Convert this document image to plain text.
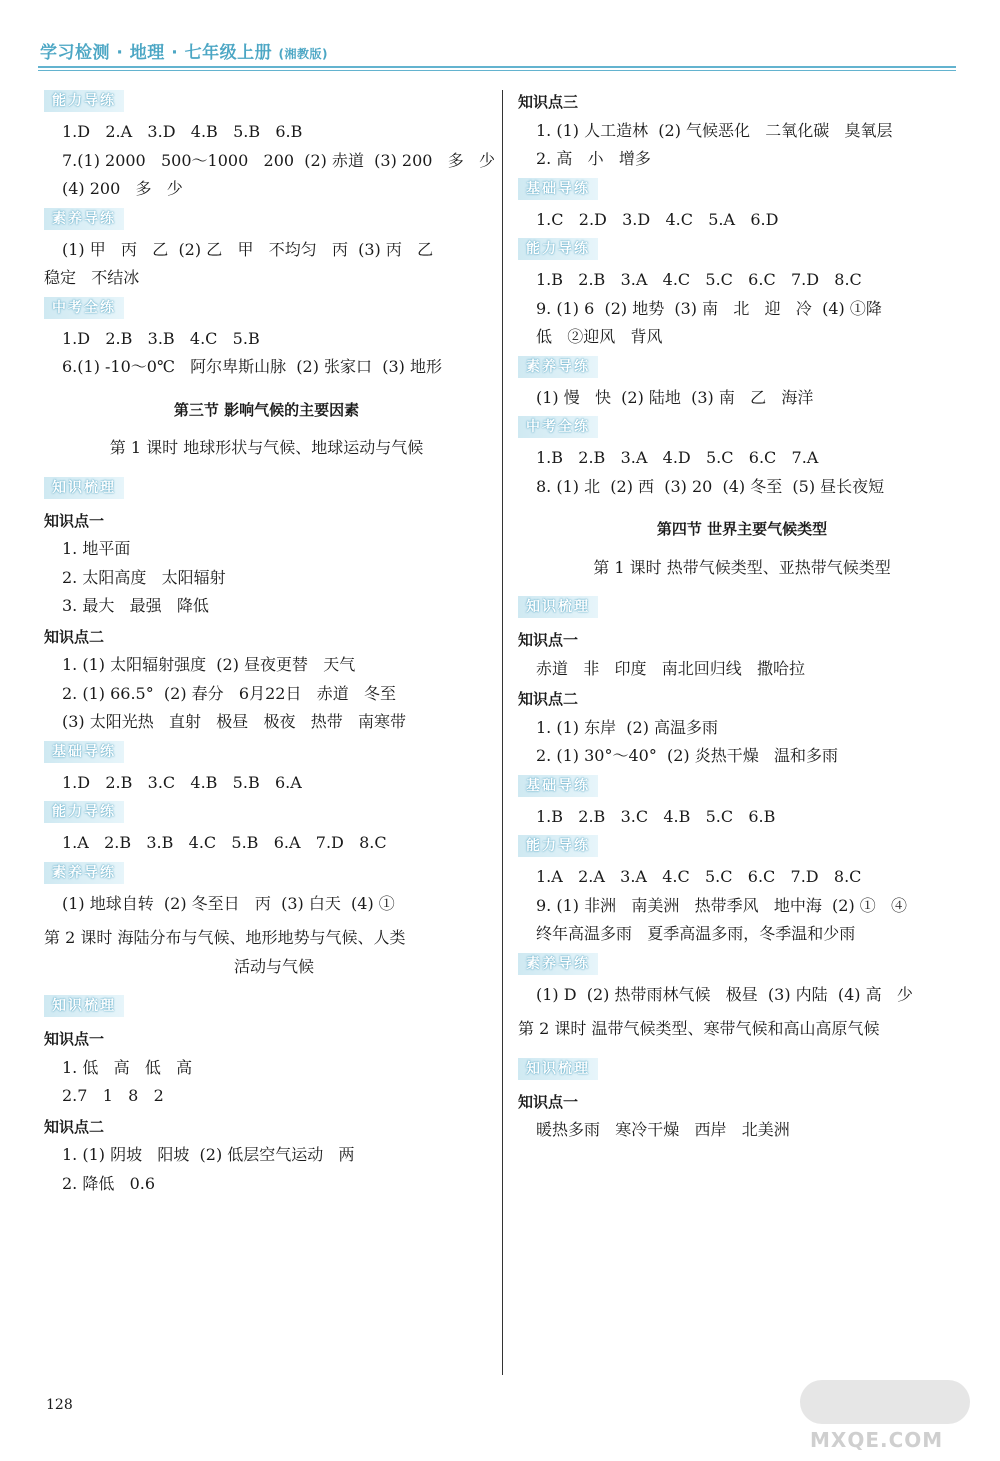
学习检测 · 地理 · 七年级上册 (湘教版)
能力导练
1.D   2.A   3.D   4.B   5.B   6.B
7.(1) 2000   500～1000   200  (2) 赤道  (3) 200   多   少
(4) 200   多   少
素养导练
(1) 甲   丙   乙  (2) 乙   甲   不均匀   丙  (3) 丙   乙
稳定   不结冰
中考全练
1.D   2.B   3.B   4.C   5.B
6.(1) -10～0℃   阿尔卑斯山脉  (2) 张家口  (3) 地形
第三节 影响气候的主要因素
第 1 课时 地球形状与气候、地球运动与气候
知识梳理
知识点一
1. 地平面
2. 太阳高度   太阳辐射
3. 最大   最强   降低
知识点二
1. (1) 太阳辐射强度  (2) 昼夜更替   天气
2. (1) 66.5°  (2) 春分   6月22日   赤道   冬至
(3) 太阳光热   直射   极昼   极夜   热带   南寒带
基础导练
1.D   2.B   3.C   4.B   5.B   6.A
能力导练
1.A   2.B   3.B   4.C   5.B   6.A   7.D   8.C
素养导练
(1) 地球自转  (2) 冬至日   丙  (3) 白天  (4) ①
第 2 课时 海陆分布与气候、地形地势与气候、人类
活动与气候
知识梳理
知识点一
1. 低   高   低   高
2.7   1   8   2
知识点二
1. (1) 阴坡   阳坡  (2) 低层空气运动   两
2. 降低   0.6
知识点三
1. (1) 人工造林  (2) 气候恶化   二氧化碳   臭氧层
2. 高   小   增多
基础导练
1.C   2.D   3.D   4.C   5.A   6.D
能力导练
1.B   2.B   3.A   4.C   5.C   6.C   7.D   8.C
9. (1) 6  (2) 地势  (3) 南   北   迎   冷  (4) ①降
低   ②迎风   背风
素养导练
(1) 慢   快  (2) 陆地  (3) 南   乙   海洋
中考全练
1.B   2.B   3.A   4.D   5.C   6.C   7.A
8. (1) 北  (2) 西  (3) 20  (4) 冬至  (5) 昼长夜短
第四节 世界主要气候类型
第 1 课时 热带气候类型、亚热带气候类型
知识梳理
知识点一
赤道   非   印度   南北回归线   撒哈拉
知识点二
1. (1) 东岸  (2) 高温多雨
2. (1) 30°～40°  (2) 炎热干燥   温和多雨
基础导练
1.B   2.B   3.C   4.B   5.C   6.B
能力导练
1.A   2.A   3.A   4.C   5.C   6.C   7.D   8.C
9. (1) 非洲   南美洲   热带季风   地中海  (2) ①   ④
终年高温多雨   夏季高温多雨，冬季温和少雨
素养导练
(1) D  (2) 热带雨林气候   极昼  (3) 内陆  (4) 高   少
第 2 课时 温带气候类型、寒带气候和高山高原气候
知识梳理
知识点一
暖热多雨   寒冷干燥   西岸   北美洲
128
MXQE.COM
